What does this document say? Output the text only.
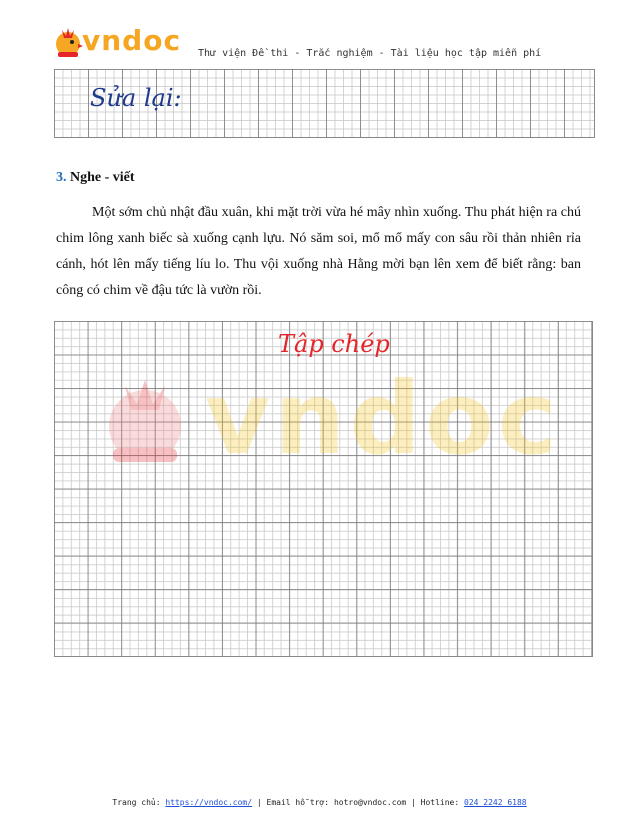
vndoc Thư viện Đề thi - Trắc nghiệm - Tài liệu học tập miễn phí
Sửa lại:
3. Nghe - viết

Một sớm chủ nhật đầu xuân, khi mặt trời vừa hé mây nhìn xuống. Thu phát hiện ra chú chim lông xanh biếc sà xuống cạnh lựu. Nó săm soi, mổ mổ mấy con sâu rồi thản nhiên rỉa cánh, hót lên mấy tiếng líu lo. Thu vội xuống nhà Hằng mời bạn lên xem để biết rằng: ban công có chim về đậu tức là vườn rồi.

vndoc
Tập chép
Trang chủ: https://vndoc.com/ | Email hỗ trợ: hotro@vndoc.com | Hotline: 024 2242 6188
